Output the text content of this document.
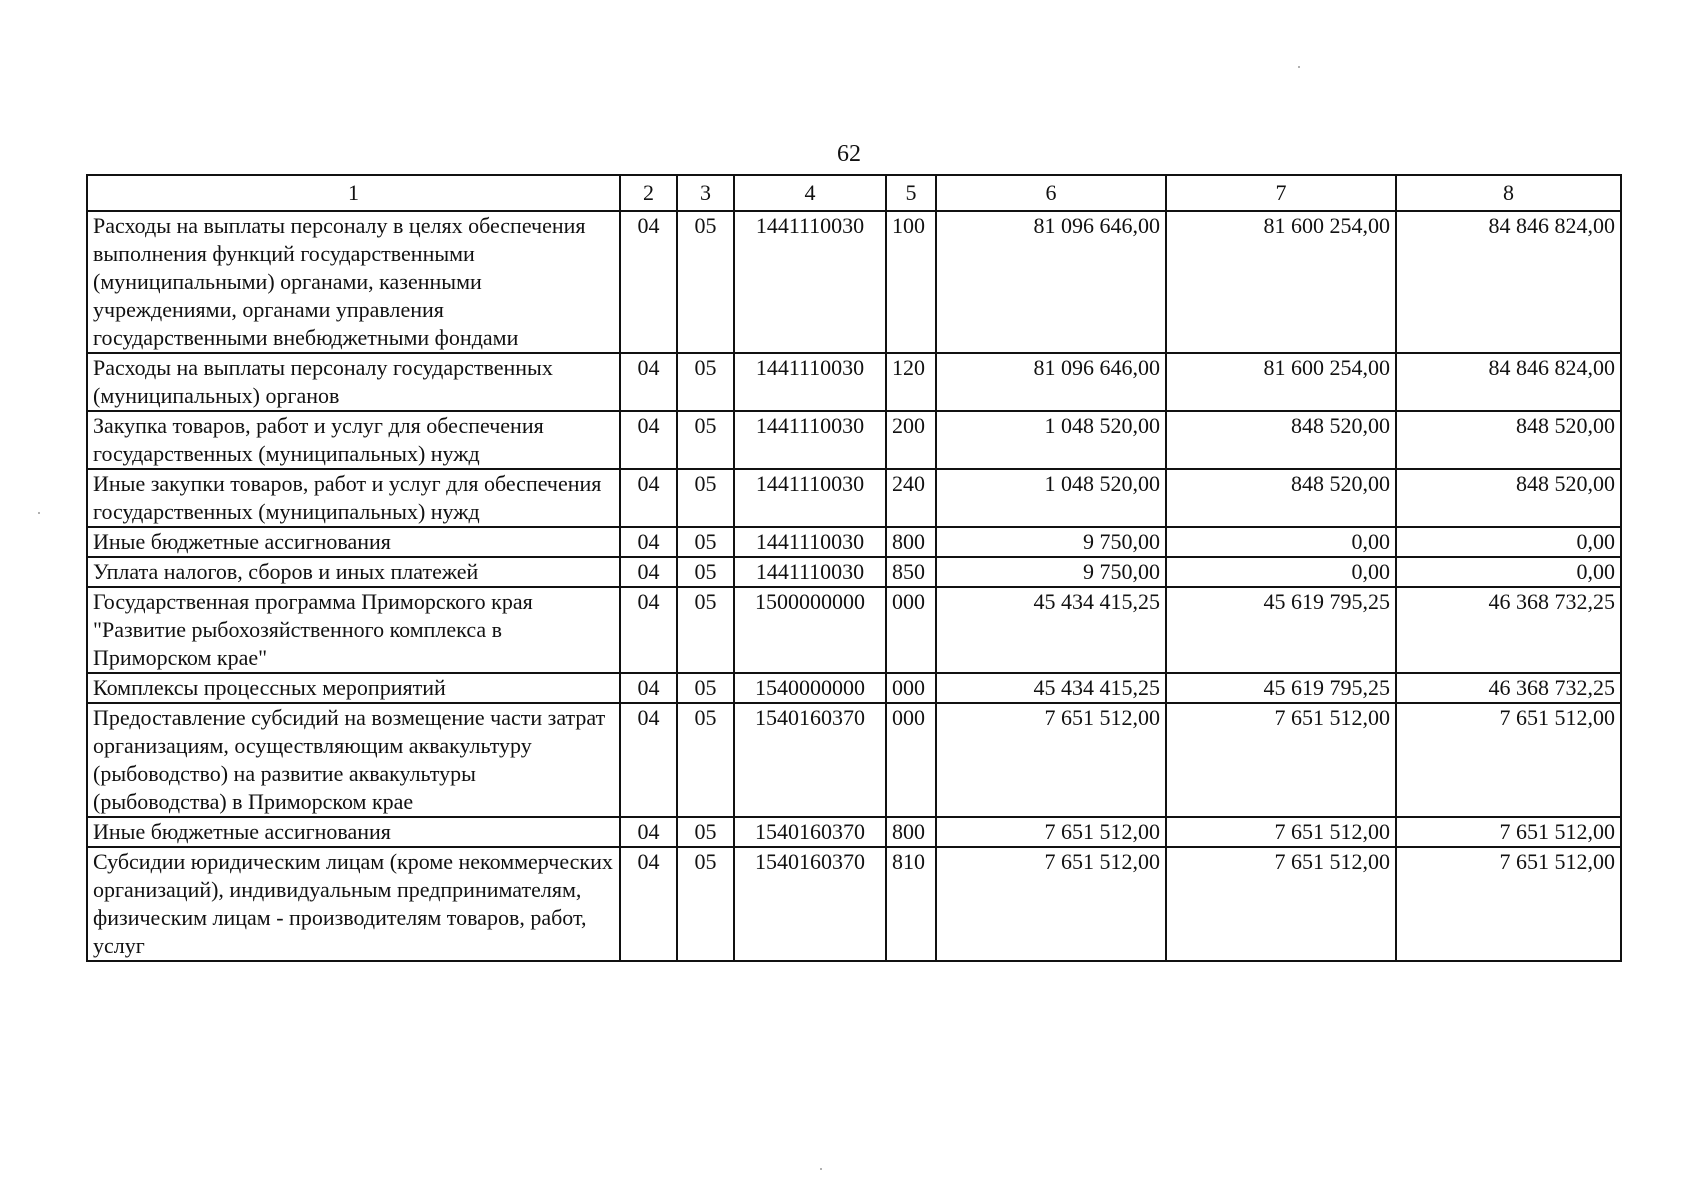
62
1	2	3	4	5	6	7	8
Расходы на выплаты персоналу в целях обеспечения выполнения функций государственными (муниципальными) органами, казенными учреждениями, органами управления государственными внебюджетными фондами	04	05	1441110030	100	81 096 646,00	81 600 254,00	84 846 824,00
Расходы на выплаты персоналу государственных (муниципальных) органов	04	05	1441110030	120	81 096 646,00	81 600 254,00	84 846 824,00
Закупка товаров, работ и услуг для обеспечения государственных (муниципальных) нужд	04	05	1441110030	200	1 048 520,00	848 520,00	848 520,00
Иные закупки товаров, работ и услуг для обеспечения государственных (муниципальных) нужд	04	05	1441110030	240	1 048 520,00	848 520,00	848 520,00
Иные бюджетные ассигнования	04	05	1441110030	800	9 750,00	0,00	0,00
Уплата налогов, сборов и иных платежей	04	05	1441110030	850	9 750,00	0,00	0,00
Государственная программа Приморского края "Развитие рыбохозяйственного комплекса в Приморском крае"	04	05	1500000000	000	45 434 415,25	45 619 795,25	46 368 732,25
Комплексы процессных мероприятий	04	05	1540000000	000	45 434 415,25	45 619 795,25	46 368 732,25
Предоставление субсидий на возмещение части затрат организациям, осуществляющим аквакультуру (рыбоводство) на развитие аквакультуры (рыбоводства) в Приморском крае	04	05	1540160370	000	7 651 512,00	7 651 512,00	7 651 512,00
Иные бюджетные ассигнования	04	05	1540160370	800	7 651 512,00	7 651 512,00	7 651 512,00
Субсидии юридическим лицам (кроме некоммерческих организаций), индивидуальным предпринимателям, физическим лицам - производителям товаров, работ, услуг	04	05	1540160370	810	7 651 512,00	7 651 512,00	7 651 512,00
